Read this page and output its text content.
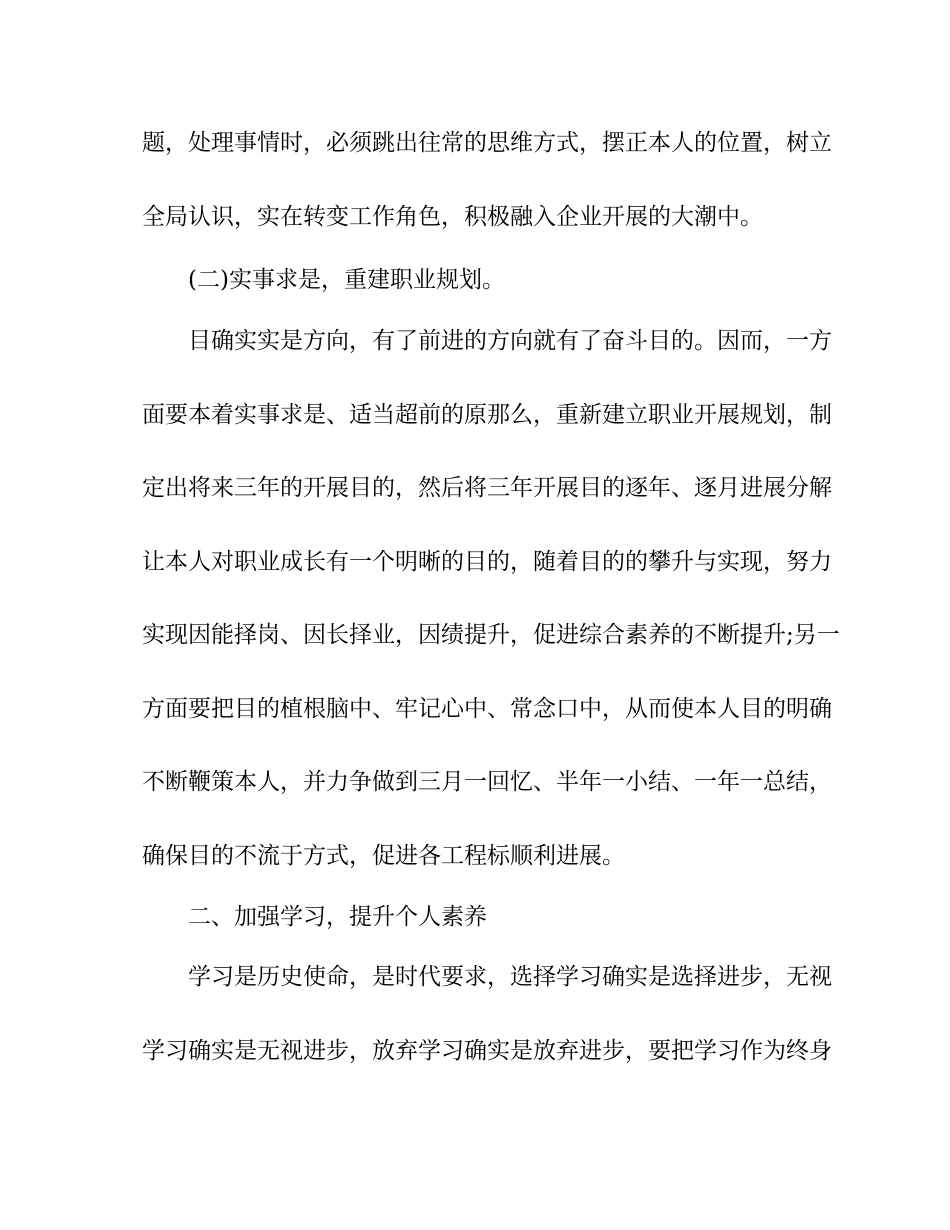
题，处理事情时，必须跳出往常的思维方式，摆正本人的位置，树立
全局认识，实在转变工作角色，积极融入企业开展的大潮中。
(二)实事求是，重建职业规划。
目确实实是方向，有了前进的方向就有了奋斗目的。因而，一方
面要本着实事求是、适当超前的原那么，重新建立职业开展规划，制
定出将来三年的开展目的，然后将三年开展目的逐年、逐月进展分解
让本人对职业成长有一个明晰的目的，随着目的的攀升与实现，努力
实现因能择岗、因长择业，因绩提升，促进综合素养的不断提升;另一
方面要把目的植根脑中、牢记心中、常念口中，从而使本人目的明确
不断鞭策本人，并力争做到三月一回忆、半年一小结、一年一总结，
确保目的不流于方式，促进各工程标顺利进展。
二、加强学习，提升个人素养
学习是历史使命，是时代要求，选择学习确实是选择进步，无视
学习确实是无视进步，放弃学习确实是放弃进步，要把学习作为终身
